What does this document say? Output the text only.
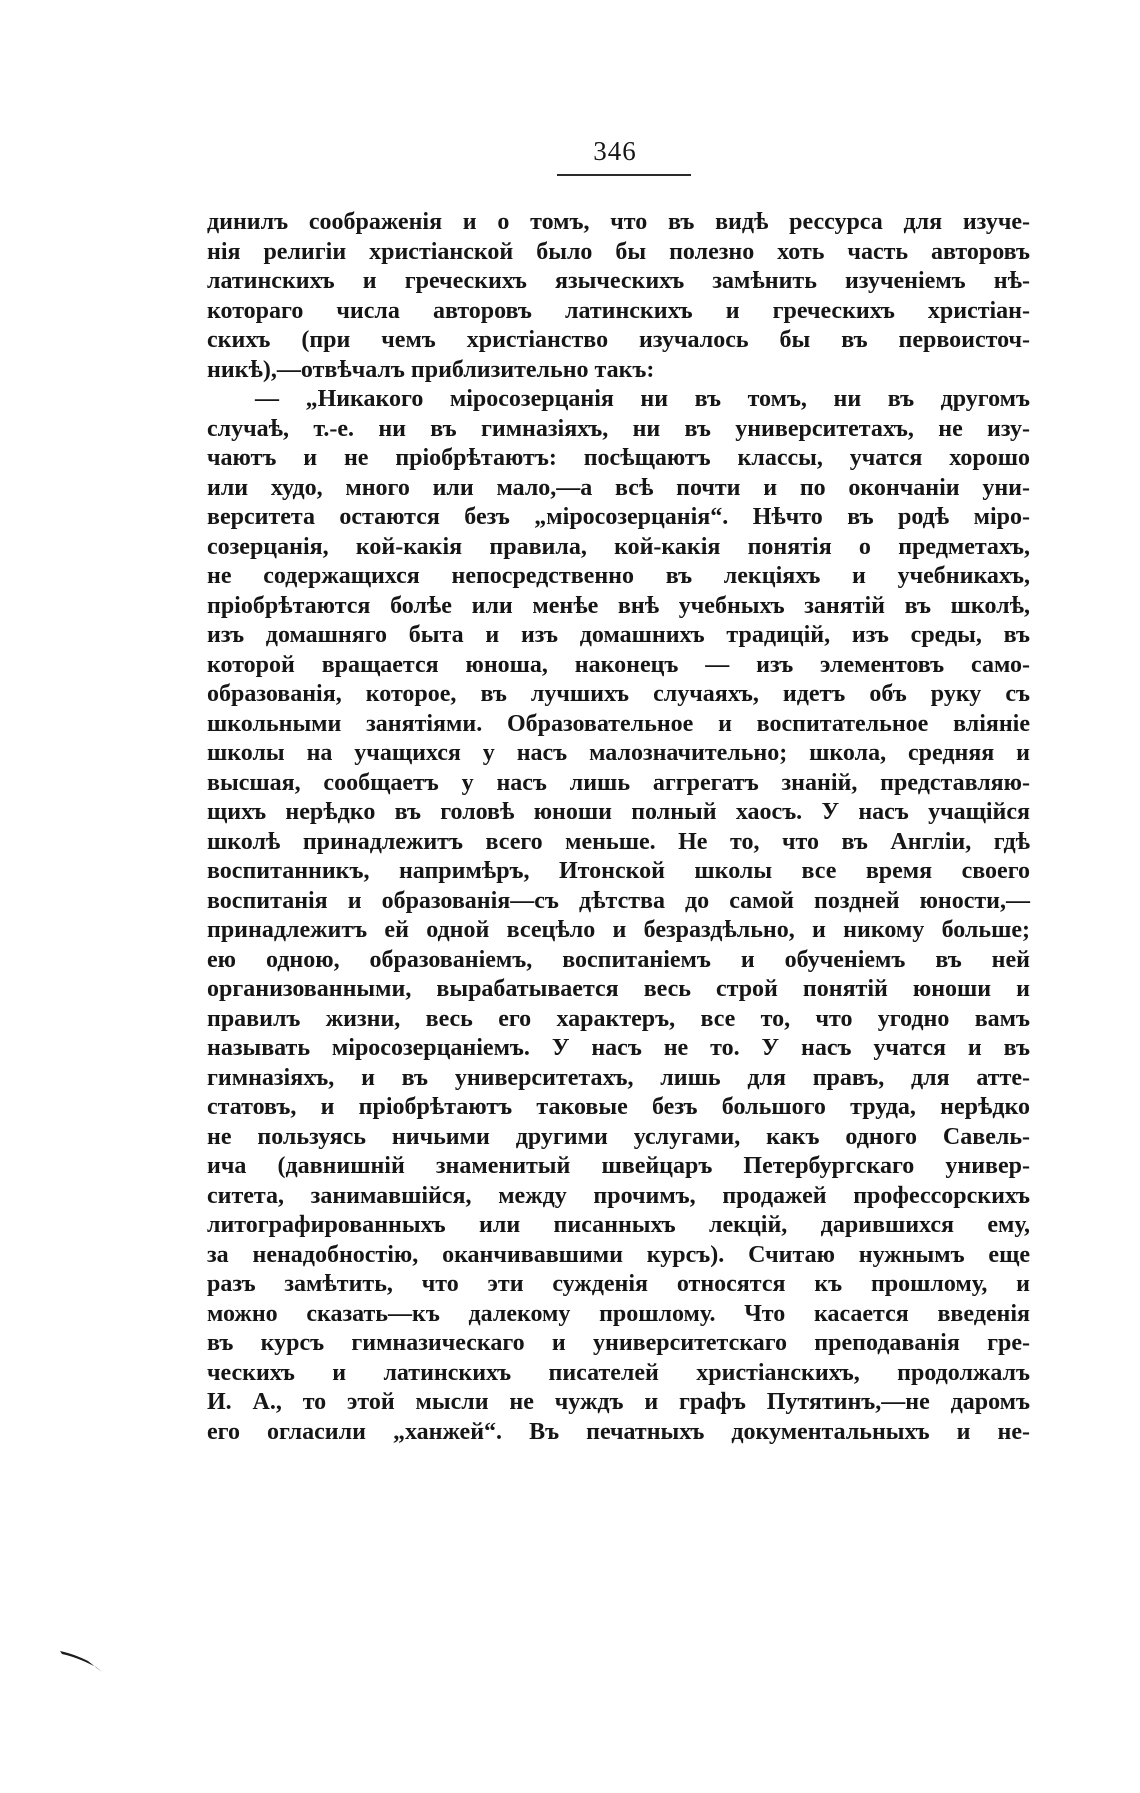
346
динилъ соображенія и о томъ, что въ видѣ рессурса для изуче-
нія религіи христіанской было бы полезно хоть часть авторовъ
латинскихъ и греческихъ языческихъ замѣнить изученіемъ нѣ-
котораго числа авторовъ латинскихъ и греческихъ христіан-
скихъ (при чемъ христіанство изучалось бы въ первоисточ-
никѣ),—отвѣчалъ приблизительно такъ:
— „Никакого міросозерцанія ни въ томъ, ни въ другомъ
случаѣ, т.-е. ни въ гимназіяхъ, ни въ университетахъ, не изу-
чаютъ и не пріобрѣтаютъ: посѣщаютъ классы, учатся хорошо
или худо, много или мало,—а всѣ почти и по окончаніи уни-
верситета остаются безъ „міросозерцанія“. Нѣчто въ родѣ міро-
созерцанія, кой-какія правила, кой-какія понятія о предметахъ,
не содержащихся непосредственно въ лекціяхъ и учебникахъ,
пріобрѣтаются болѣе или менѣе внѣ учебныхъ занятій въ школѣ,
изъ домашняго быта и изъ домашнихъ традицій, изъ среды, въ
которой вращается юноша, наконецъ — изъ элементовъ само-
образованія, которое, въ лучшихъ случаяхъ, идетъ объ руку съ
школьными занятіями. Образовательное и воспитательное вліяніе
школы на учащихся у насъ малозначительно; школа, средняя и
высшая, сообщаетъ у насъ лишь аггрегатъ знаній, представляю-
щихъ нерѣдко въ головѣ юноши полный хаосъ. У насъ учащійся
школѣ принадлежитъ всего меньше. Не то, что въ Англіи, гдѣ
воспитанникъ, напримѣръ, Итонской школы все время своего
воспитанія и образованія—съ дѣтства до самой поздней юности,—
принадлежитъ ей одной всецѣло и безраздѣльно, и никому больше;
ею одною, образованіемъ, воспитаніемъ и обученіемъ въ ней
организованными, вырабатывается весь строй понятій юноши и
правилъ жизни, весь его характеръ, все то, что угодно вамъ
называть міросозерцаніемъ. У насъ не то. У насъ учатся и въ
гимназіяхъ, и въ университетахъ, лишь для правъ, для атте-
статовъ, и пріобрѣтаютъ таковые безъ большого труда, нерѣдко
не пользуясь ничьими другими услугами, какъ одного Савель-
ича (давнишній знаменитый швейцаръ Петербургскаго универ-
ситета, занимавшійся, между прочимъ, продажей профессорскихъ
литографированныхъ или писанныхъ лекцій, дарившихся ему,
за ненадобностію, оканчивавшими курсъ). Считаю нужнымъ еще
разъ замѣтить, что эти сужденія относятся къ прошлому, и
можно сказать—къ далекому прошлому. Что касается введенія
въ курсъ гимназическаго и университетскаго преподаванія гре-
ческихъ и латинскихъ писателей христіанскихъ, продолжалъ
И. А., то этой мысли не чуждъ и графъ Путятинъ,—не даромъ
его огласили „ханжей“. Въ печатныхъ документальныхъ и не-
